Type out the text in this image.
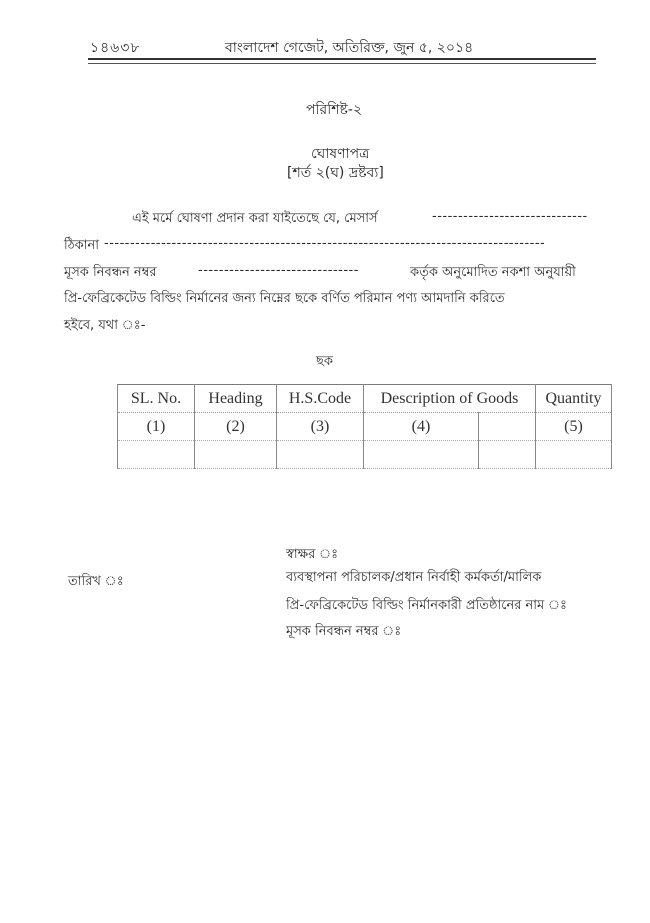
১৪৬৩৮	বাংলাদেশ গেজেট, অতিরিক্ত, জুন ৫, ২০১৪
পরিশিষ্ট-২
ঘোষণাপত্র
[শর্ত ২(ঘ) দ্রষ্টব্য]
এই মর্মে ঘোষণা প্রদান করা যাইতেছে যে, মেসার্স	------------------------------
ঠিকানা -------------------------------------------------------------------------------------
মূসক নিবন্ধন নম্বর	-------------------------------	কর্তৃক অনুমোদিত নকশা অনুযায়ী
প্রি-ফেব্রিকেটেড বিল্ডিং নির্মানের জন্য নিম্নের ছকে বর্ণিত পরিমান পণ্য আমদানি করিতে
হইবে, যথা ঃ-
ছক
SL. No.	Heading	H.S.Code	Description of Goods		Quantity
(1)	(2)	(3)	(4)		(5)

স্বাক্ষর ঃ
ব্যবস্থাপনা পরিচালক/প্রধান নির্বাহী কর্মকর্তা/মালিক
তারিখ ঃ
প্রি-ফেব্রিকেটেড বিল্ডিং নির্মানকারী প্রতিষ্ঠানের নাম ঃ
মূসক নিবন্ধন নম্বর ঃ
